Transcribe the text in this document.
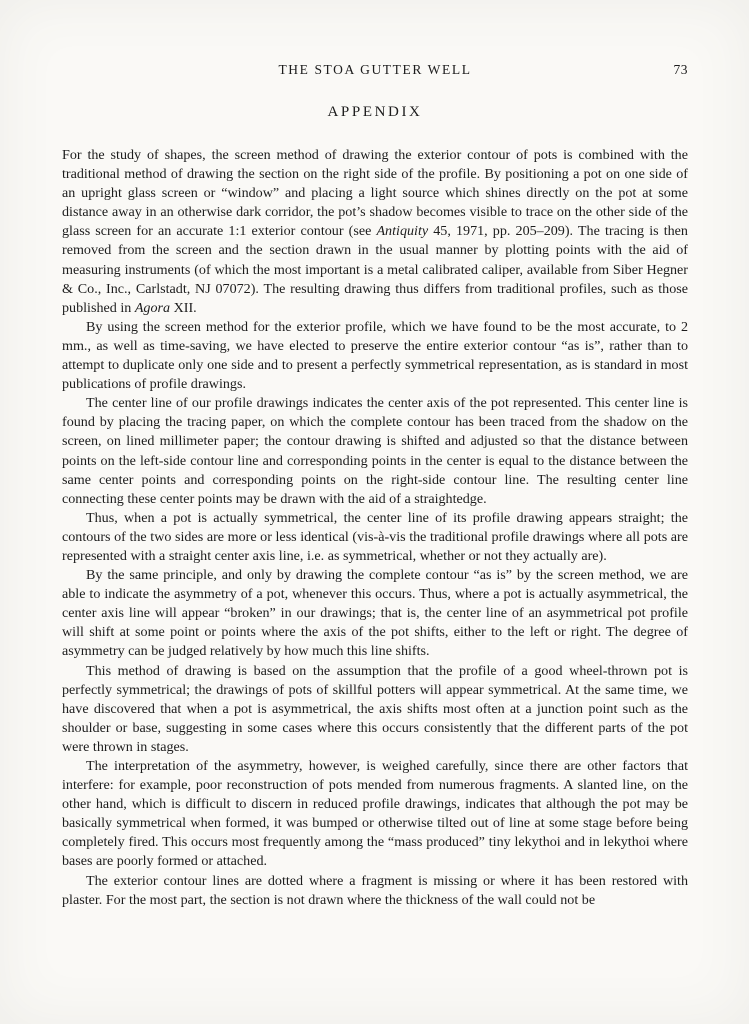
THE STOA GUTTER WELL	73
APPENDIX

For the study of shapes, the screen method of drawing the exterior contour of pots is combined with the traditional method of drawing the section on the right side of the profile. By positioning a pot on one side of an upright glass screen or “window” and placing a light source which shines directly on the pot at some distance away in an otherwise dark corridor, the pot’s shadow becomes visible to trace on the other side of the glass screen for an accurate 1:1 exterior contour (see Antiquity 45, 1971, pp. 205–209). The tracing is then removed from the screen and the section drawn in the usual manner by plotting points with the aid of measuring instruments (of which the most important is a metal calibrated caliper, available from Siber Hegner & Co., Inc., Carlstadt, NJ 07072). The resulting drawing thus differs from traditional profiles, such as those published in Agora XII.

By using the screen method for the exterior profile, which we have found to be the most accurate, to 2 mm., as well as time-saving, we have elected to preserve the entire exterior contour “as is”, rather than to attempt to duplicate only one side and to present a perfectly symmetrical representation, as is standard in most publications of profile drawings.

The center line of our profile drawings indicates the center axis of the pot represented. This center line is found by placing the tracing paper, on which the complete contour has been traced from the shadow on the screen, on lined millimeter paper; the contour drawing is shifted and adjusted so that the distance between points on the left-side contour line and corresponding points in the center is equal to the distance between the same center points and corresponding points on the right-side contour line. The resulting center line connecting these center points may be drawn with the aid of a straightedge.

Thus, when a pot is actually symmetrical, the center line of its profile drawing appears straight; the contours of the two sides are more or less identical (vis-à-vis the traditional profile drawings where all pots are represented with a straight center axis line, i.e. as symmetrical, whether or not they actually are).

By the same principle, and only by drawing the complete contour “as is” by the screen method, we are able to indicate the asymmetry of a pot, whenever this occurs. Thus, where a pot is actually asymmetrical, the center axis line will appear “broken” in our drawings; that is, the center line of an asymmetrical pot profile will shift at some point or points where the axis of the pot shifts, either to the left or right. The degree of asymmetry can be judged relatively by how much this line shifts.

This method of drawing is based on the assumption that the profile of a good wheel-thrown pot is perfectly symmetrical; the drawings of pots of skillful potters will appear symmetrical. At the same time, we have discovered that when a pot is asymmetrical, the axis shifts most often at a junction point such as the shoulder or base, suggesting in some cases where this occurs consistently that the different parts of the pot were thrown in stages.

The interpretation of the asymmetry, however, is weighed carefully, since there are other factors that interfere: for example, poor reconstruction of pots mended from numerous fragments. A slanted line, on the other hand, which is difficult to discern in reduced profile drawings, indicates that although the pot may be basically symmetrical when formed, it was bumped or otherwise tilted out of line at some stage before being completely fired. This occurs most frequently among the “mass produced” tiny lekythoi and in lekythoi where bases are poorly formed or attached.

The exterior contour lines are dotted where a fragment is missing or where it has been restored with plaster. For the most part, the section is not drawn where the thickness of the wall could not be
